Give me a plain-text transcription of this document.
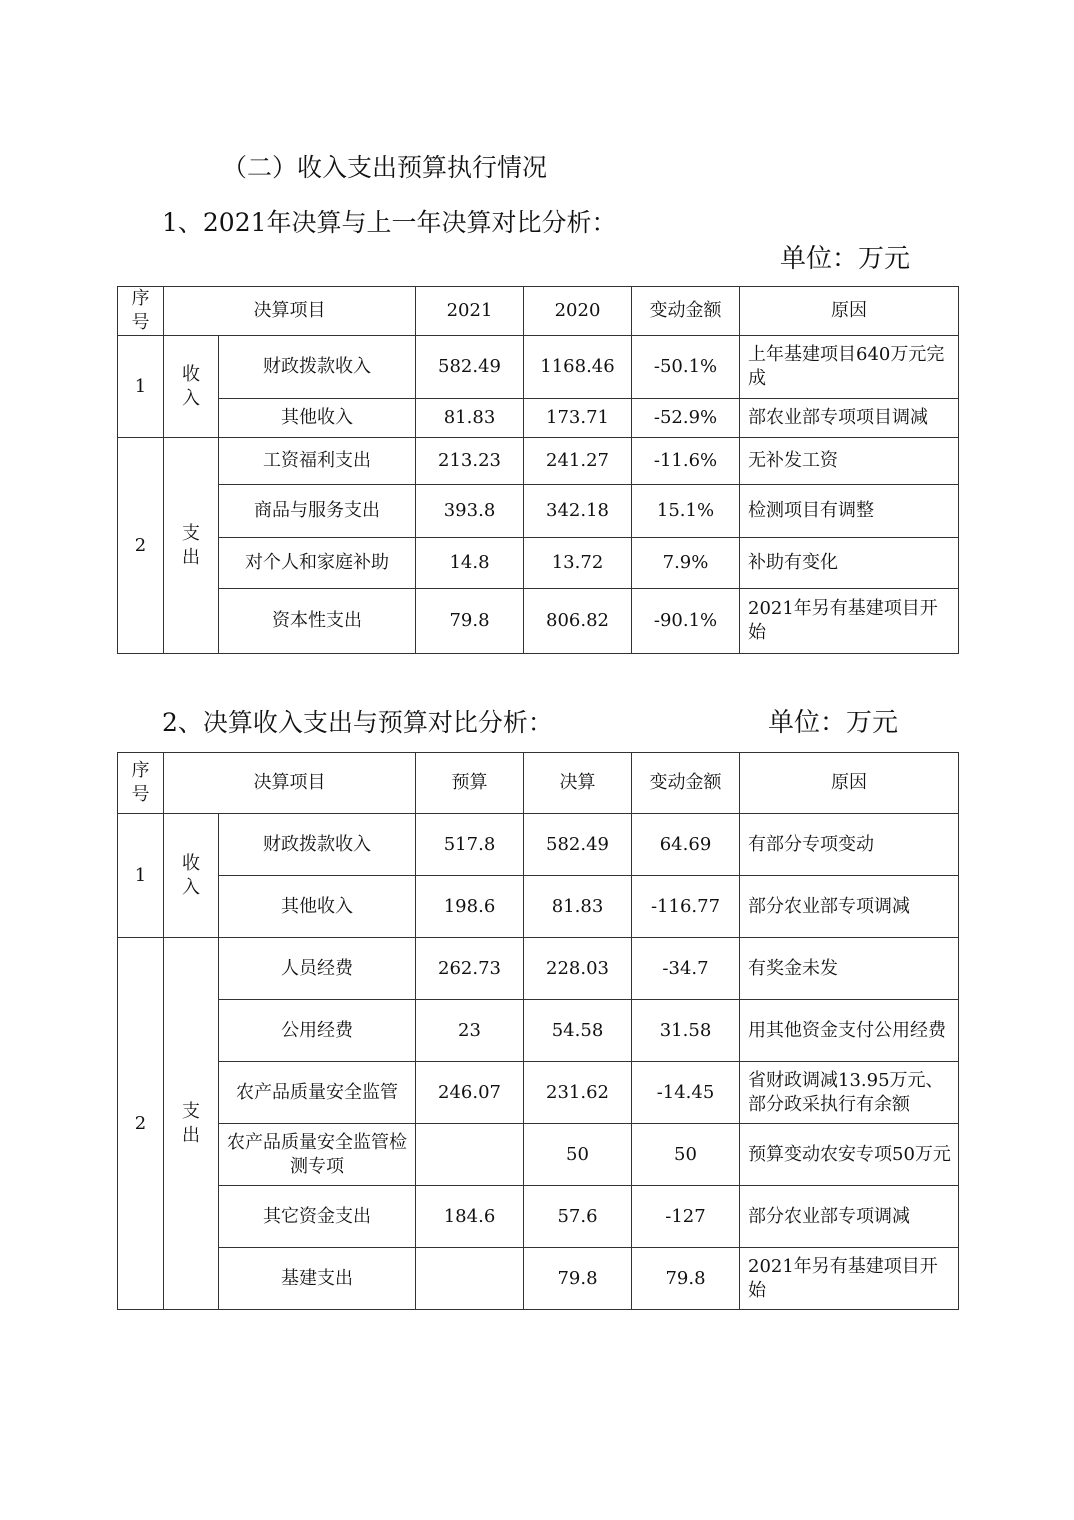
（二）收入支出预算执行情况
1、2021年决算与上一年决算对比分析：
单位：万元
序号	决算项目		2021	2020	变动金额	原因
1	收入	财政拨款收入	582.49	1168.46	-50.1%	上年基建项目640万元完成
		其他收入	81.83	173.71	-52.9%	部农业部专项项目调减
2	支出	工资福利支出	213.23	241.27	-11.6%	无补发工资
		商品与服务支出	393.8	342.18	15.1%	检测项目有调整
		对个人和家庭补助	14.8	13.72	7.9%	补助有变化
		资本性支出	79.8	806.82	-90.1%	2021年另有基建项目开始
2、决算收入支出与预算对比分析：	单位：万元
序号	决算项目		预算	决算	变动金额	原因
1	收入	财政拨款收入	517.8	582.49	64.69	有部分专项变动
		其他收入	198.6	81.83	-116.77	部分农业部专项调减
2	支出	人员经费	262.73	228.03	-34.7	有奖金未发
		公用经费	23	54.58	31.58	用其他资金支付公用经费
		农产品质量安全监管	246.07	231.62	-14.45	省财政调减13.95万元、部分政采执行有余额
		农产品质量安全监管检测专项		50	50	预算变动农安专项50万元
		其它资金支出	184.6	57.6	-127	部分农业部专项调减
		基建支出		79.8	79.8	2021年另有基建项目开始
